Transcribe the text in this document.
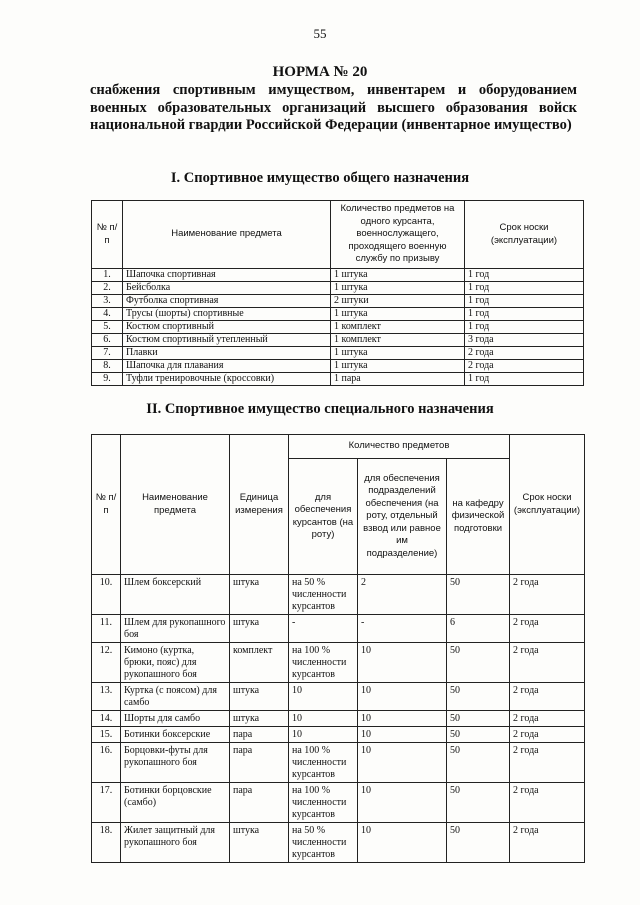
55
НОРМА № 20
снабжения спортивным имуществом, инвентарем и оборудованием военных образовательных организаций высшего образования войск национальной гвардии Российской Федерации (инвентарное имущество)
I. Спортивное имущество общего назначения
№ п/п	Наименование предмета	Количество предметов на одного курсанта, военнослужащего, проходящего военную службу по призыву	Срок носки (эксплуатации)
1.	Шапочка спортивная	1 штука	1 год
2.	Бейсболка	1 штука	1 год
3.	Футболка спортивная	2 штуки	1 год
4.	Трусы (шорты) спортивные	1 штука	1 год
5.	Костюм спортивный	1 комплект	1 год
6.	Костюм спортивный утепленный	1 комплект	3 года
7.	Плавки	1 штука	2 года
8.	Шапочка для плавания	1 штука	2 года
9.	Туфли тренировочные (кроссовки)	1 пара	1 год
II. Спортивное имущество специального назначения
№ п/п	Наименование предмета	Единица измерения	Количество предметов			Срок носки (эксплуатации)
			для обеспечения курсантов (на роту)	для обеспечения подразделений обеспечения (на роту, отдельный взвод или равное им подразделение)	на кафедру физической подготовки	
10.	Шлем боксерский	штука	на 50 % численности курсантов	2	50	2 года
11.	Шлем для рукопашного боя	штука	-	-	6	2 года
12.	Кимоно (куртка, брюки, пояс) для рукопашного боя	комплект	на 100 % численности курсантов	10	50	2 года
13.	Куртка (с поясом) для самбо	штука	10	10	50	2 года
14.	Шорты для самбо	штука	10	10	50	2 года
15.	Ботинки боксерские	пара	10	10	50	2 года
16.	Борцовки-футы для рукопашного боя	пара	на 100 % численности курсантов	10	50	2 года
17.	Ботинки борцовские (самбо)	пара	на 100 % численности курсантов	10	50	2 года
18.	Жилет защитный для рукопашного боя	штука	на 50 % численности курсантов	10	50	2 года
